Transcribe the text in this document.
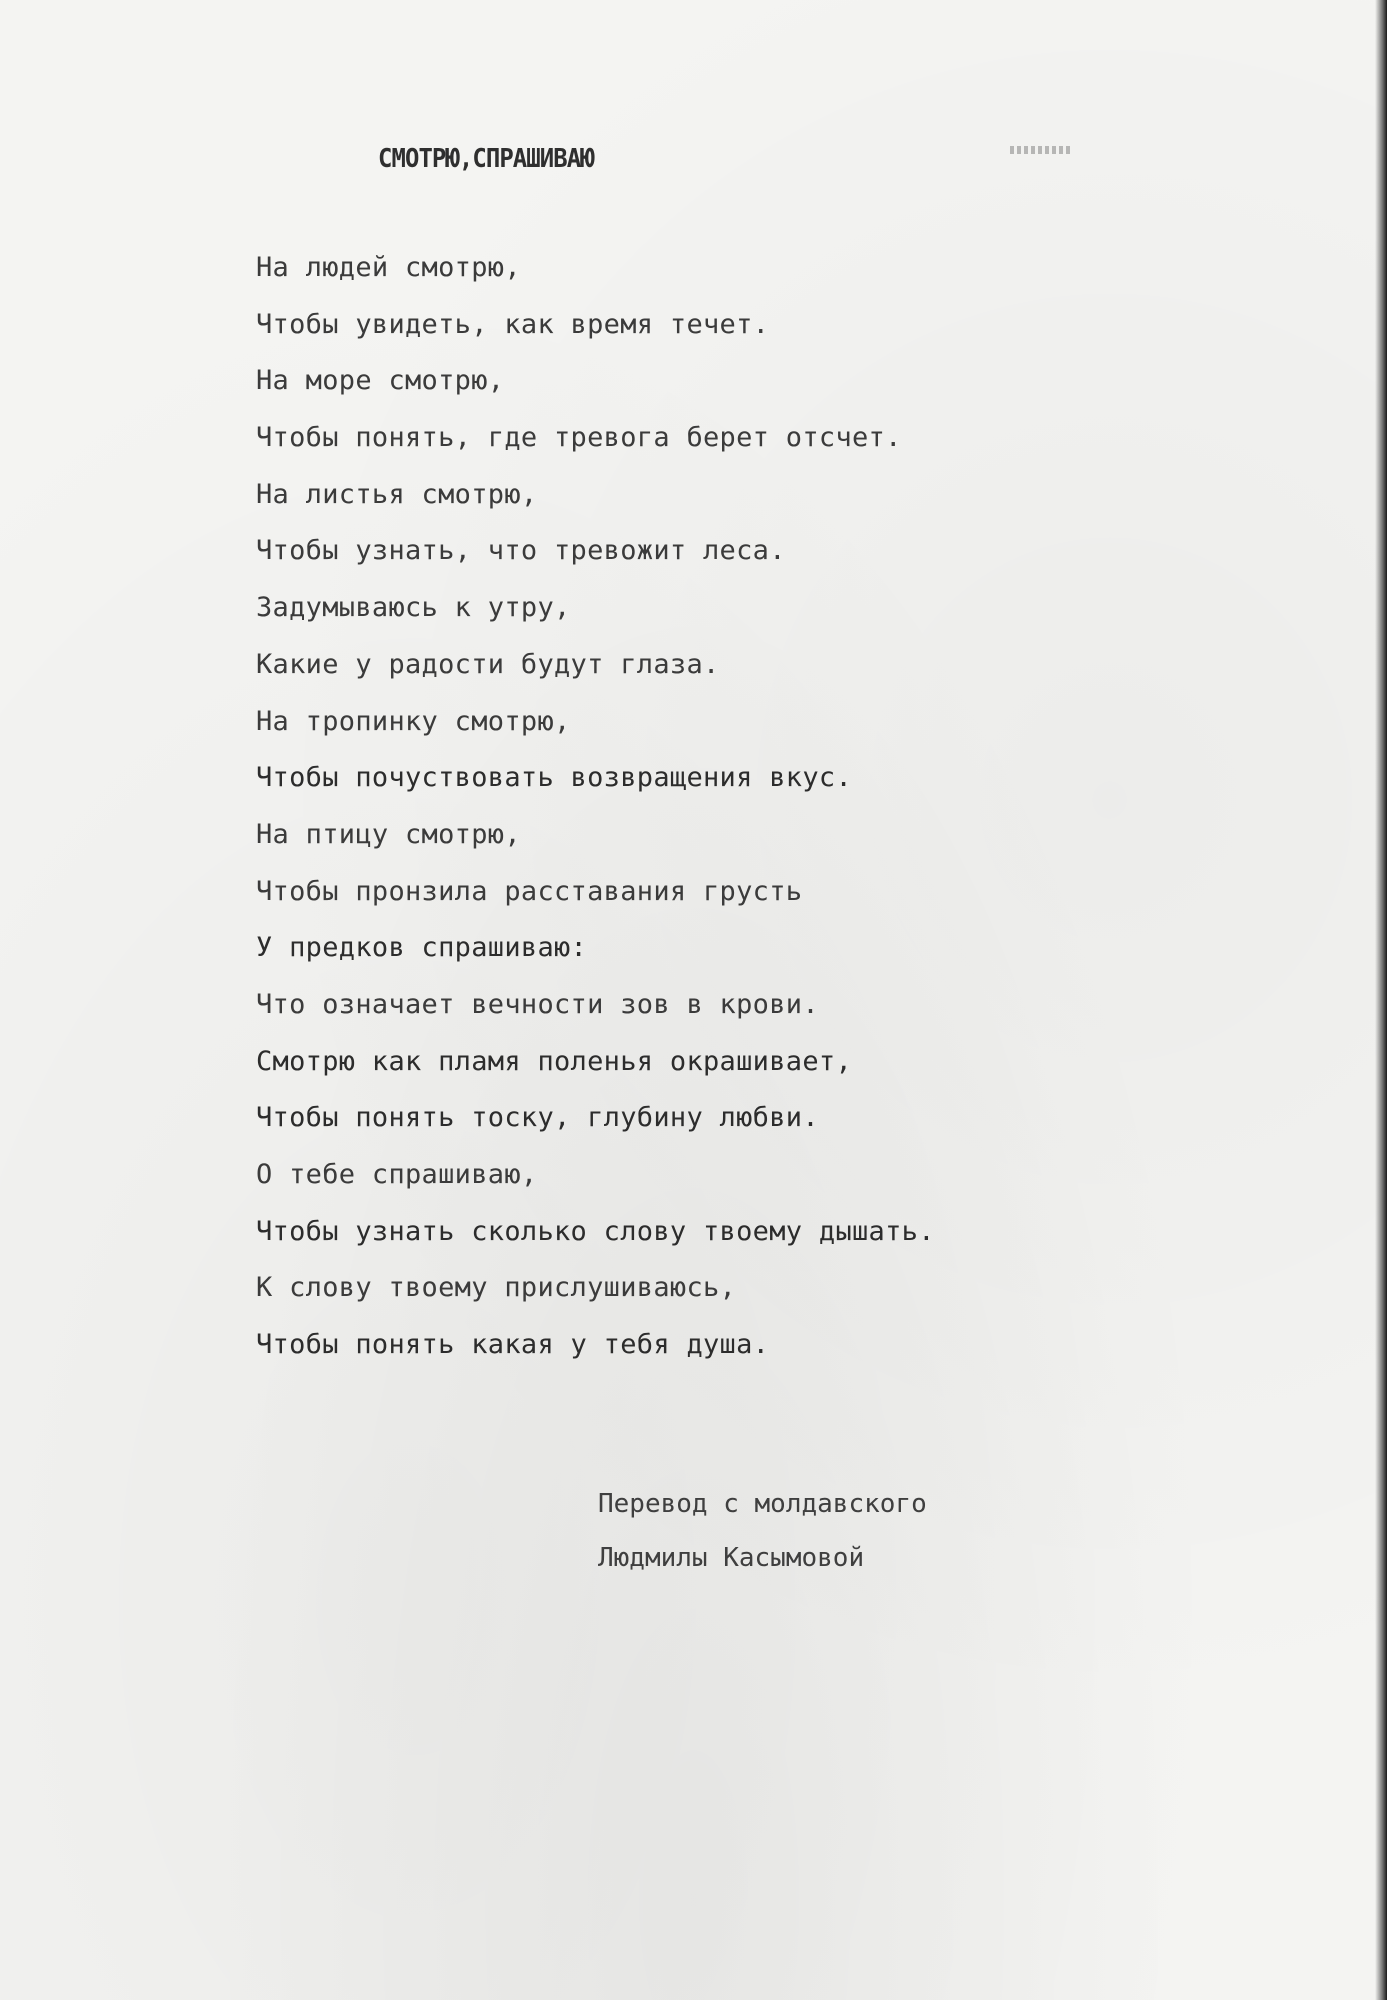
СМОТРЮ,СПРАШИВАЮ
На людей смотрю,
Чтобы увидеть, как время течет.
На море смотрю,
Чтобы понять, где тревога берет отсчет.
На листья смотрю,
Чтобы узнать, что тревожит леса.
Задумываюсь к утру,
Какие у радости будут глаза.
На тропинку смотрю,
Чтобы почуствовать возвращения вкус.
На птицу смотрю,
Чтобы пронзила расставания грусть
У предков спрашиваю:
Что означает вечности зов в крови.
Смотрю как пламя поленья окрашивает,
Чтобы понять тоску, глубину любви.
О тебе спрашиваю,
Чтобы узнать сколько слову твоему дышать.
К слову твоему прислушиваюсь,
Чтобы понять какая у тебя душа.
Перевод с молдавского
Людмилы Касымовой
